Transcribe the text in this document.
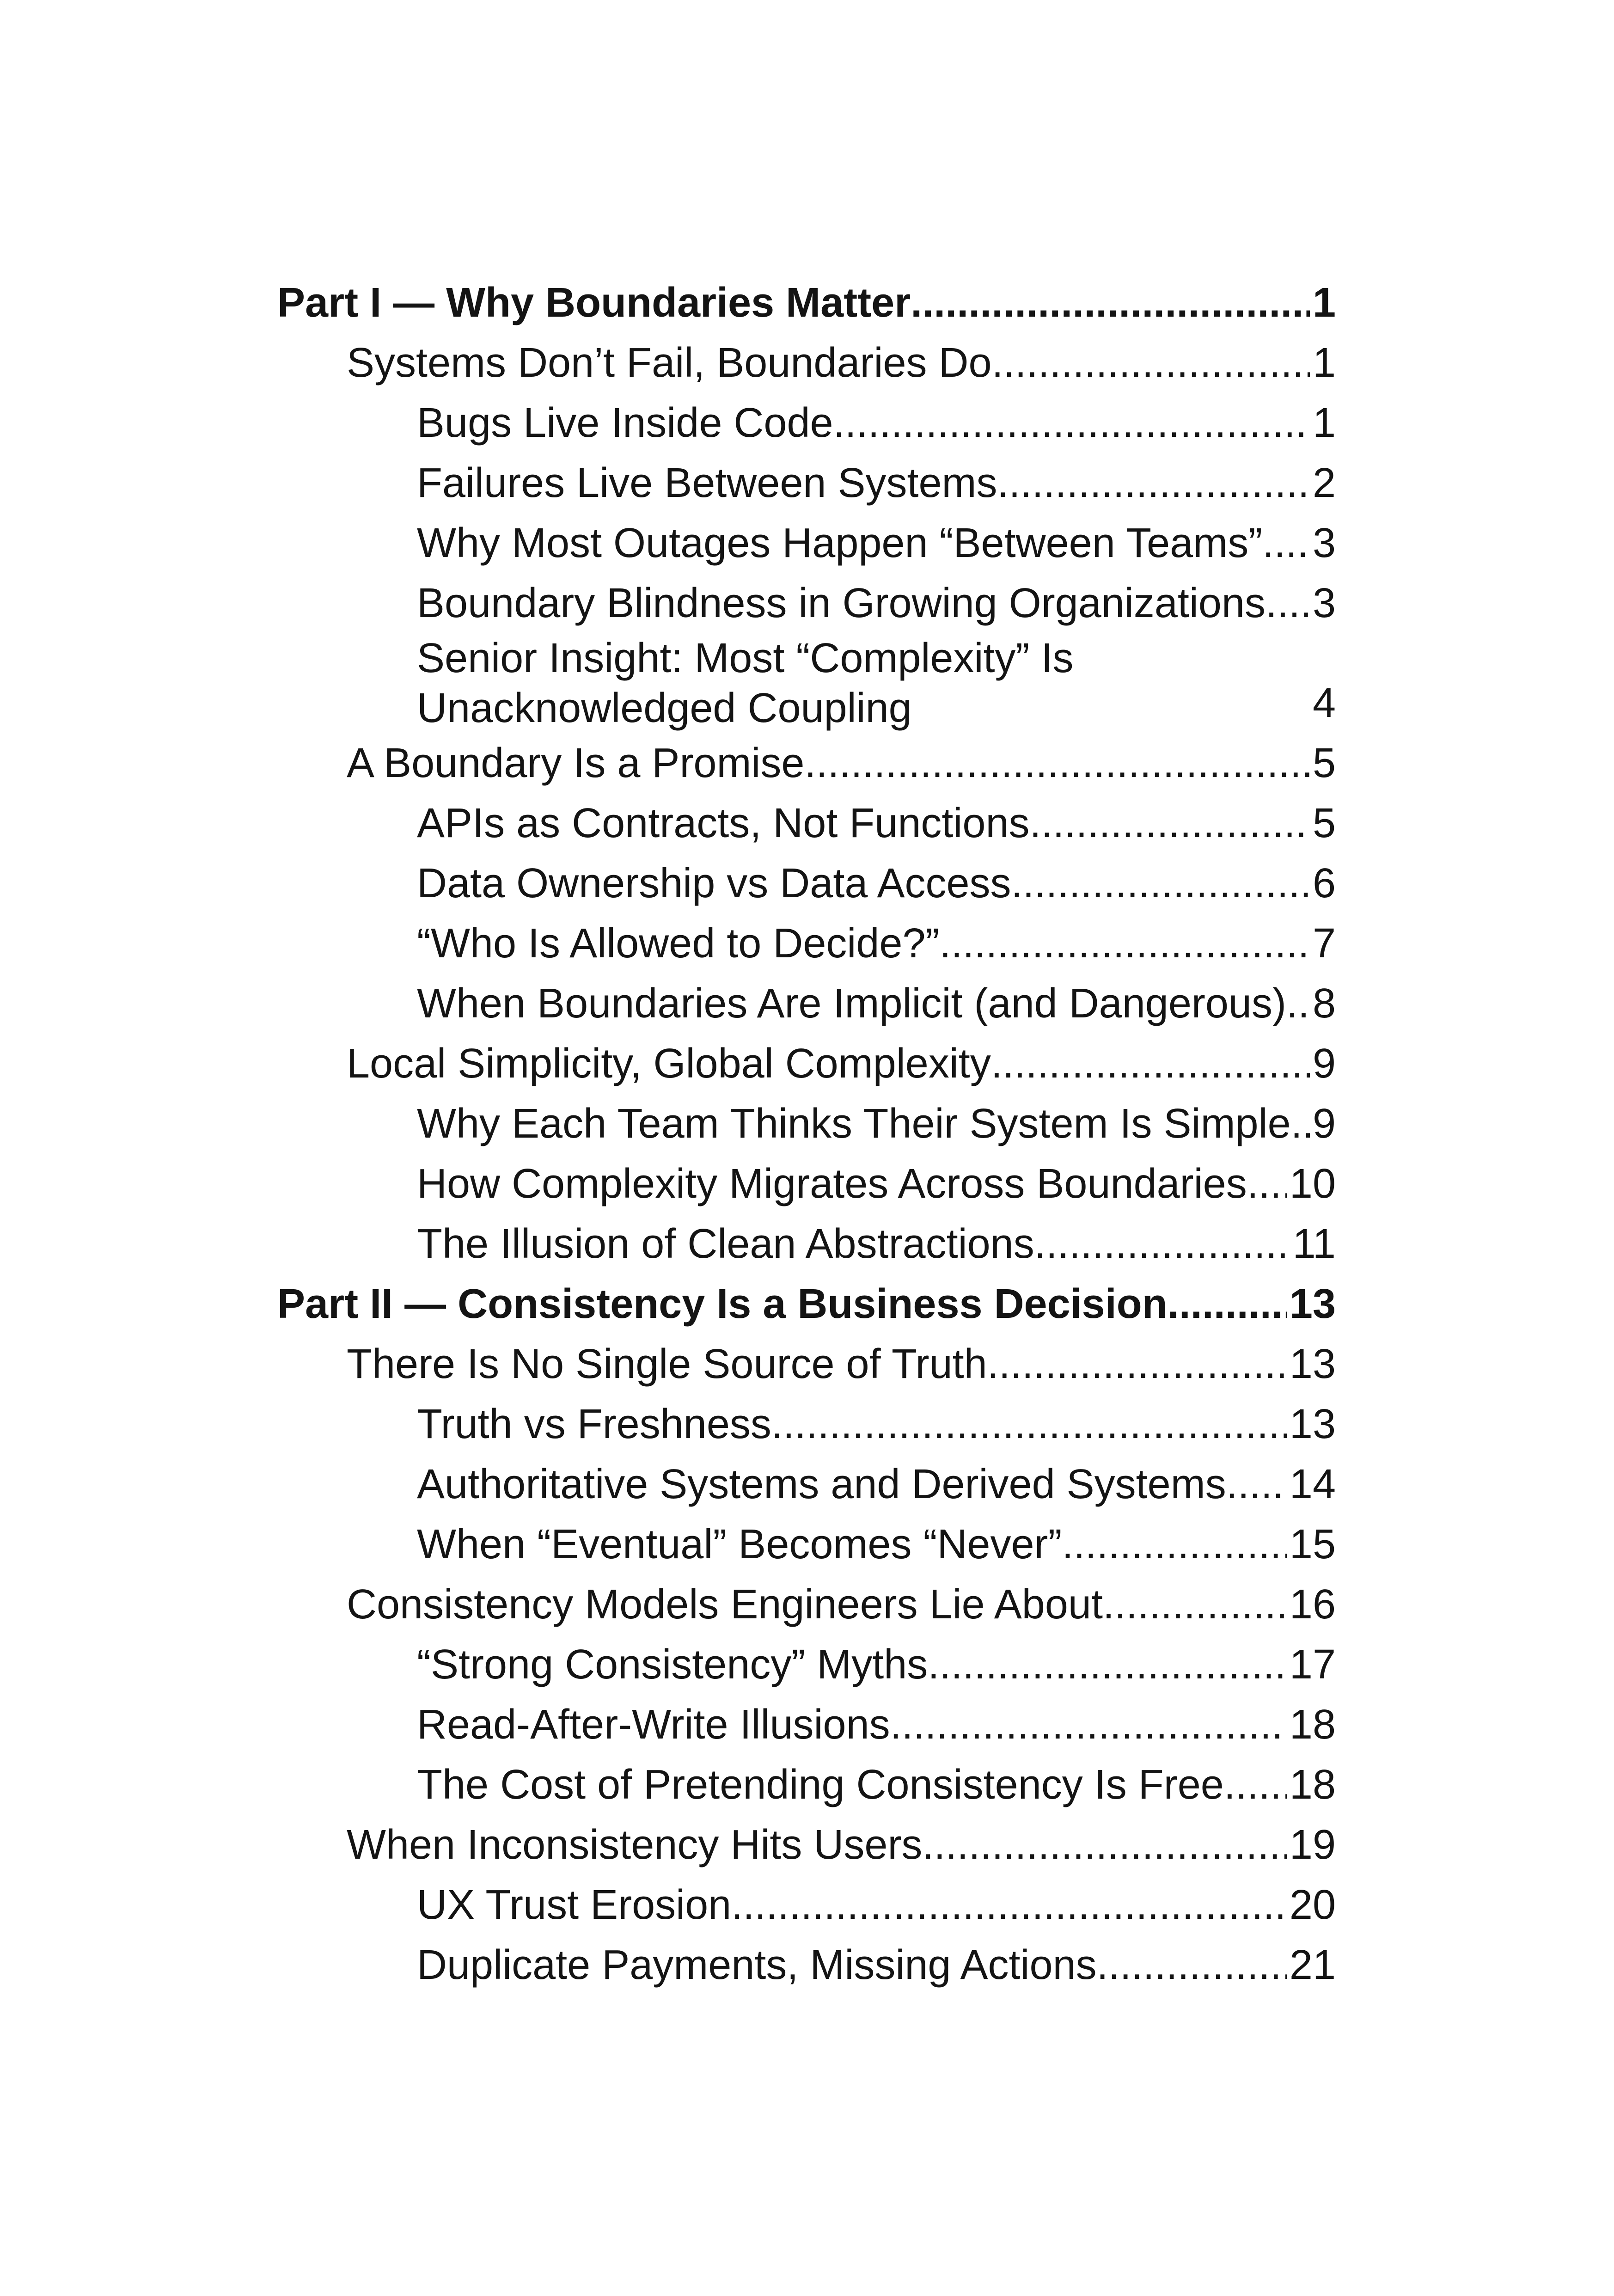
Part I — Why Boundaries Matter .....	1
Systems Don’t Fail, Boundaries Do .....	1
Bugs Live Inside Code .....	1
Failures Live Between Systems .....	2
Why Most Outages Happen “Between Teams” ..... 3
Boundary Blindness in Growing Organizations ..... 3
Senior Insight: Most “Complexity” Is Unacknowledged Coupling	4
A Boundary Is a Promise .....	5
APIs as Contracts, Not Functions .....	5
Data Ownership vs Data Access .....	6
“Who Is Allowed to Decide?” .....	7
When Boundaries Are Implicit (and Dangerous) ..... 8
Local Simplicity, Global Complexity .....	9
Why Each Team Thinks Their System Is Simple ..... 9
How Complexity Migrates Across Boundaries ..... 10
The Illusion of Clean Abstractions .....	11
Part II — Consistency Is a Business Decision .....	13
There Is No Single Source of Truth .....	13
Truth vs Freshness .....	13
Authoritative Systems and Derived Systems ..... 14
When “Eventual” Becomes “Never” .....	15
Consistency Models Engineers Lie About .....	16
“Strong Consistency” Myths .....	17
Read-After-Write Illusions .....	18
The Cost of Pretending Consistency Is Free ..... 18
When Inconsistency Hits Users .....	19
UX Trust Erosion .....	20
Duplicate Payments, Missing Actions .....	21
